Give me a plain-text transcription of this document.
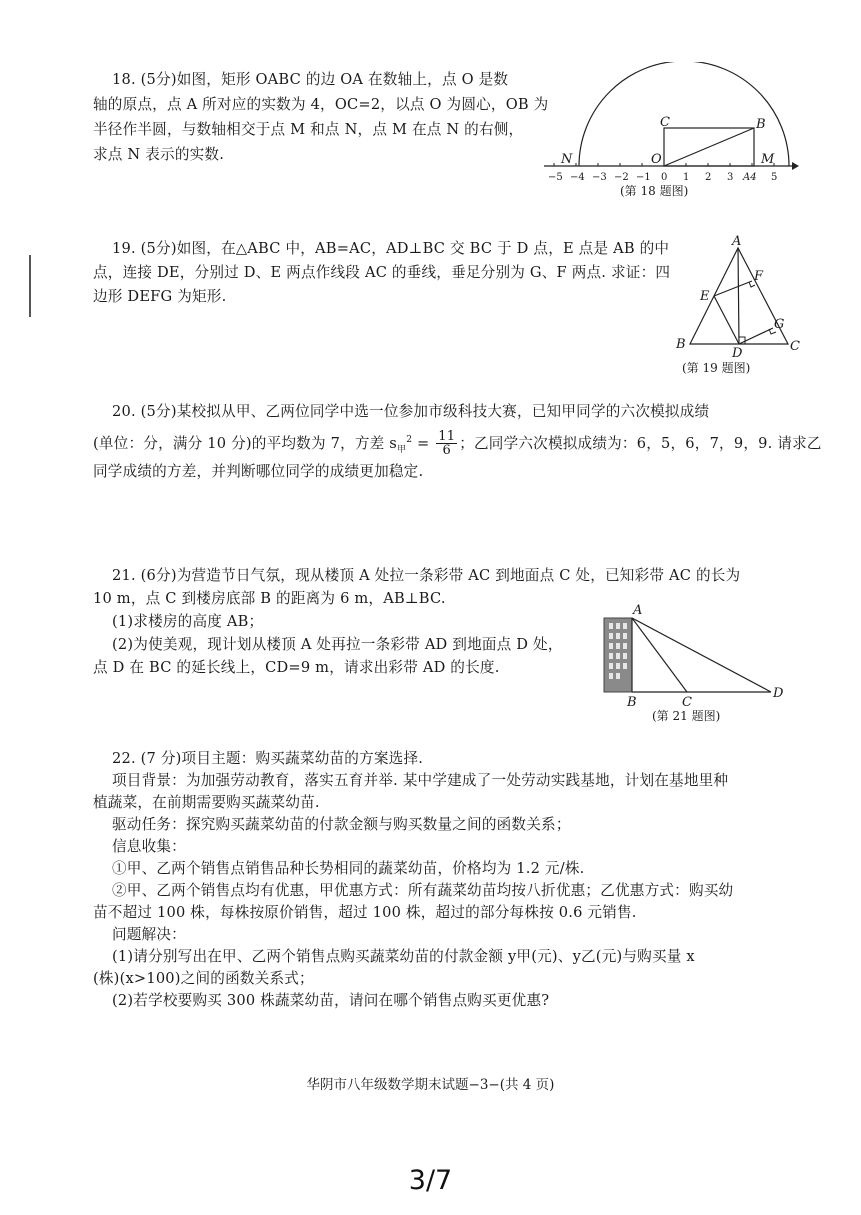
18. (5分)如图，矩形 OABC 的边 OA 在数轴上，点 O 是数
轴的原点，点 A 所对应的实数为 4，OC=2，以点 O 为圆心，OB 为
半径作半圆，与数轴相交于点 M 和点 N，点 M 在点 N 的右侧，
求点 N 表示的实数.
C	B
N	O	M
−5 −4 −3 −2 −1 0 1 2 3 A4 5
(第 18 题图)
19. (5分)如图，在△ABC 中，AB=AC，AD⊥BC 交 BC 于 D 点，E 点是 AB 的中
点，连接 DE，分别过 D、E 两点作线段 AC 的垂线，垂足分别为 G、F 两点. 求证：四
边形 DEFG 为矩形.
A
B	C
D
E
F
G
(第 19 题图)
20. (5分)某校拟从甲、乙两位同学中选一位参加市级科技大赛，已知甲同学的六次模拟成绩
(单位：分，满分 10 分)的平均数为 7，方差 $s_甲^2 = \frac{11}{6}$ ；乙同学六次模拟成绩为：6，5，6，7，9，9. 请求乙
同学成绩的方差，并判断哪位同学的成绩更加稳定.
21. (6分)为营造节日气氛，现从楼顶 A 处拉一条彩带 AC 到地面点 C 处，已知彩带 AC 的长为
10 m，点 C 到楼房底部 B 的距离为 6 m，AB⊥BC.
(1)求楼房的高度 AB；
(2)为使美观，现计划从楼顶 A 处再拉一条彩带 AD 到地面点 D 处，
点 D 在 BC 的延长线上，CD=9 m，请求出彩带 AD 的长度.
A
B	C
D
(第 21 题图)
22. (7 分)项目主题：购买蔬菜幼苗的方案选择.
项目背景：为加强劳动教育，落实五育并举. 某中学建成了一处劳动实践基地，计划在基地里种
植蔬菜，在前期需要购买蔬菜幼苗.
驱动任务：探究购买蔬菜幼苗的付款金额与购买数量之间的函数关系；
信息收集：
①甲、乙两个销售点销售品种长势相同的蔬菜幼苗，价格均为 1.2 元/株.
②甲、乙两个销售点均有优惠，甲优惠方式：所有蔬菜幼苗均按八折优惠；乙优惠方式：购买幼
苗不超过 100 株，每株按原价销售，超过 100 株，超过的部分每株按 0.6 元销售.
问题解决：
(1)请分别写出在甲、乙两个销售点购买蔬菜幼苗的付款金额 y甲(元)、y乙(元)与购买量 x
(株)(x>100)之间的函数关系式；
(2)若学校要购买 300 株蔬菜幼苗，请问在哪个销售点购买更优惠?
华阴市八年级数学期末试题−3−(共 4 页)
3/7
